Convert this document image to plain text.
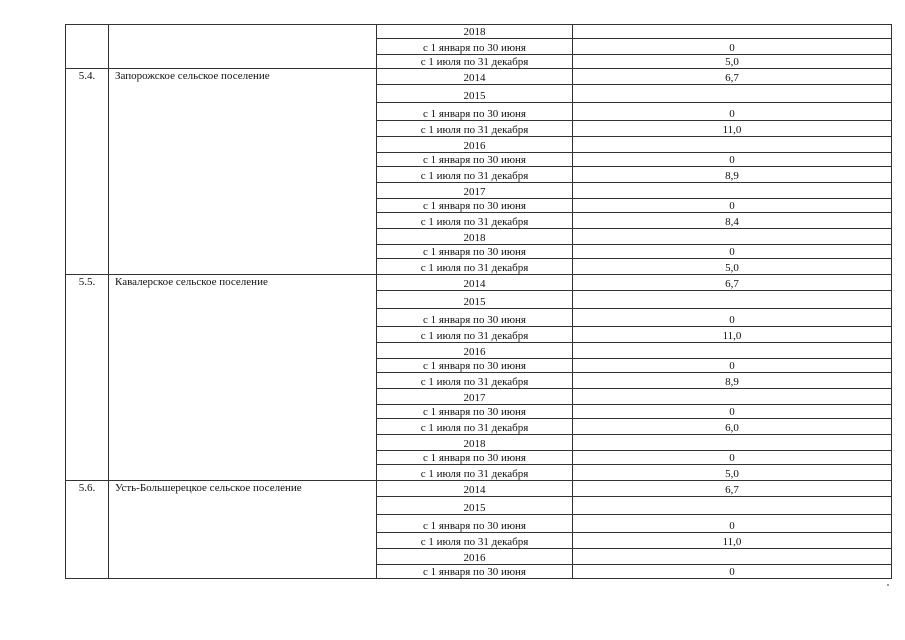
		2018	
		с 1 января по 30 июня	0
		с 1 июля по 31 декабря	5,0
5.4.	Запорожское сельское поселение	2014	6,7
		2015	
		с 1 января по 30 июня	0
		с 1 июля по 31 декабря	11,0
		2016	
		с 1 января по 30 июня	0
		с 1 июля по 31 декабря	8,9
		2017	
		с 1 января по 30 июня	0
		с 1 июля по 31 декабря	8,4
		2018	
		с 1 января по 30 июня	0
		с 1 июля по 31 декабря	5,0
5.5.	Кавалерское сельское поселение	2014	6,7
		2015	
		с 1 января по 30 июня	0
		с 1 июля по 31 декабря	11,0
		2016	
		с 1 января по 30 июня	0
		с 1 июля по 31 декабря	8,9
		2017	
		с 1 января по 30 июня	0
		с 1 июля по 31 декабря	6,0
		2018	
		с 1 января по 30 июня	0
		с 1 июля по 31 декабря	5,0
5.6.	Усть-Большерецкое сельское поселение	2014	6,7
		2015	
		с 1 января по 30 июня	0
		с 1 июля по 31 декабря	11,0
		2016	
		с 1 января по 30 июня	0
